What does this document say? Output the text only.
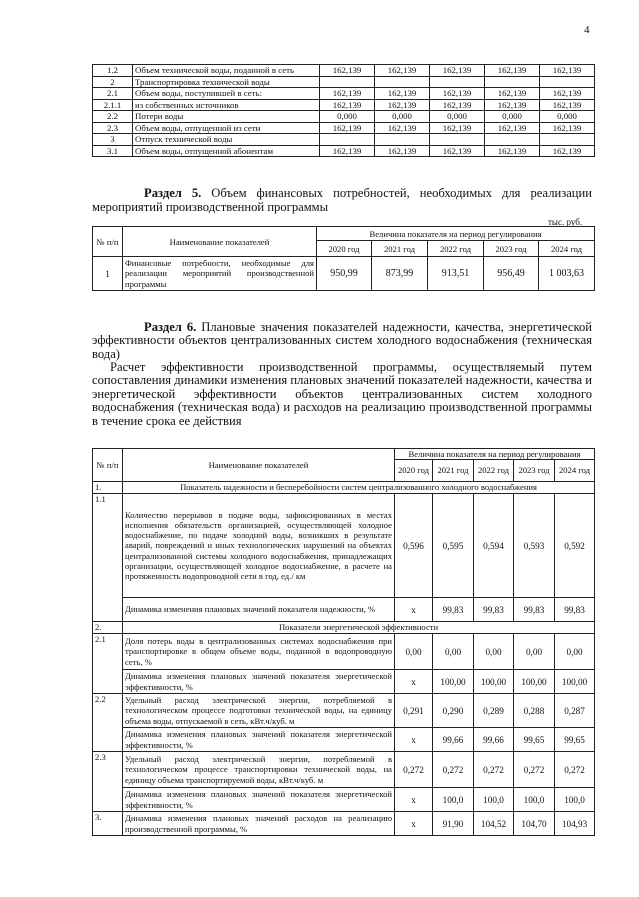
4
1.2	Объем технической воды, поданной в сеть	162,139	162,139	162,139	162,139	162,139
2	Транспортировка технической воды					
2.1	Объем воды, поступившей в сеть:	162,139	162,139	162,139	162,139	162,139
2.1.1	из собственных источников	162,139	162,139	162,139	162,139	162,139
2.2	Потери воды	0,000	0,000	0,000	0,000	0,000
2.3	Объем воды, отпущенной из сети	162,139	162,139	162,139	162,139	162,139
3	Отпуск технической воды					
3.1	Объем воды, отпущенной абонентам	162,139	162,139	162,139	162,139	162,139
Раздел 5. Объем финансовых потребностей, необходимых для реализации мероприятий производственной программы
тыс. руб.
№ п/п	Наименование показателей	Величина показателя на период регулирования				
		2020 год	2021 год	2022 год	2023 год	2024 год
1	Финансовые потребности, необходимые для реализации мероприятий производственной программы	950,99	873,99	913,51	956,49	1 003,63
Раздел 6. Плановые значения показателей надежности, качества, энергетической эффективности объектов централизованных систем холодного водоснабжения (техническая вода)
Расчет эффективности производственной программы, осуществляемый путем сопоставления динамики изменения плановых значений показателей надежности, качества и энергетической эффективности объектов централизованных систем холодного водоснабжения (техническая вода) и расходов на реализацию производственной программы в течение срока ее действия
№ п/п	Наименование показателей	Величина показателя на период регулирования				
		2020 год	2021 год	2022 год	2023 год	2024 год
1.	Показатель надежности и бесперебойности систем централизованного холодного водоснабжения					
1.1	Количество перерывов в подаче воды, зафиксированных в местах исполнения обязательств организацией, осуществляющей холодное водоснабжение, по подаче холодной воды, возникших в результате аварий, повреждений и иных технологических нарушений на объектах централизованной системы холодного водоснабжения, принадлежащих организации, осуществляющей холодное водоснабжение, в расчете на протяженность водопроводной сети в год, ед./ км	0,596	0,595	0,594	0,593	0,592
	Динамика изменения плановых значений показателя надежности, %	х	99,83	99,83	99,83	99,83
2.	Показатели энергетической эффективности					
2.1	Доля потерь воды в централизованных системах водоснабжения при транспортировке в общем объеме воды, поданной в водопроводную сеть, %	0,00	0,00	0,00	0,00	0,00
	Динамика изменения плановых значений показателя энергетической эффективности, %	х	100,00	100,00	100,00	100,00
2.2	Удельный расход электрической энергии, потребляемой в технологическом процессе подготовки технической воды, на единицу объема воды, отпускаемой в сеть, кВт.ч/куб. м	0,291	0,290	0,289	0,288	0,287
	Динамика изменения плановых значений показателя энергетической эффективности, %	х	99,66	99,66	99,65	99,65
2.3	Удельный расход электрической энергии, потребляемой в технологическом процессе транспортировки технической воды, на единицу объема транспортируемой воды, кВт.ч/куб. м	0,272	0,272	0,272	0,272	0,272
	Динамика изменения плановых значений показателя энергетической эффективности, %	х	100,0	100,0	100,0	100,0
3.	Динамика изменения плановых значений расходов на реализацию производственной программы, %	х	91,90	104,52	104,70	104,93
